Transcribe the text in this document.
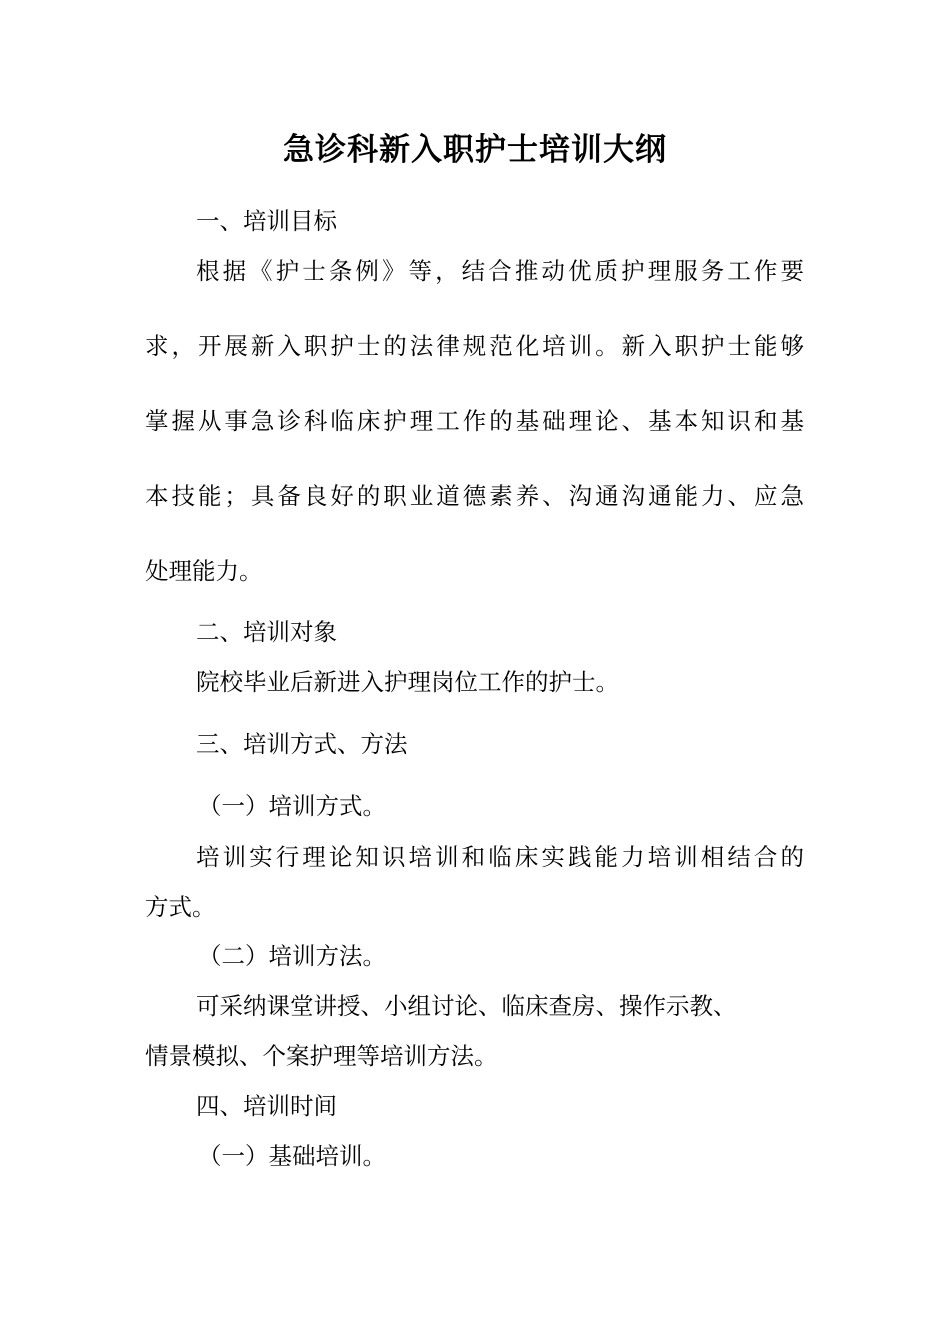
急诊科新入职护士培训大纲
一、培训目标
根据《护士条例》等，结合推动优质护理服务工作要
求，开展新入职护士的法律规范化培训。新入职护士能够
掌握从事急诊科临床护理工作的基础理论、基本知识和基
本技能；具备良好的职业道德素养、沟通沟通能力、应急
处理能力。
二、培训对象
院校毕业后新进入护理岗位工作的护士。
三、培训方式、方法
（一）培训方式。
培训实行理论知识培训和临床实践能力培训相结合的
方式。
（二）培训方法。
可采纳课堂讲授、小组讨论、临床查房、操作示教、
情景模拟、个案护理等培训方法。
四、培训时间
（一）基础培训。
